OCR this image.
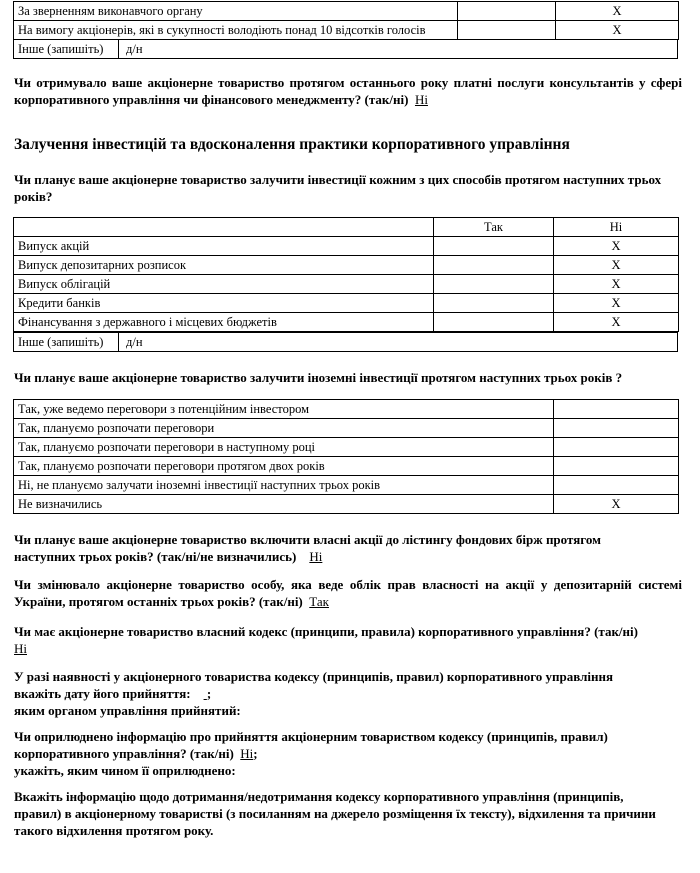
За зверненням виконавчого органу		X
На вимогу акціонерів, які в сукупності володіють понад 10 відсотків голосів		X
Інше (запишіть) д/н
Чи отримувало ваше акціонерне товариство протягом останнього року платні послуги консультантів у сфері корпоративного управління чи фінансового менеджменту? (так/ні) Ні
Залучення інвестицій та вдосконалення практики корпоративного управління
Чи планує ваше акціонерне товариство залучити інвестиції кожним з цих способів протягом наступних трьох років?
	Так	Ні
Випуск акцій		X
Випуск депозитарних розписок		X
Випуск облігацій		X
Кредити банків		X
Фінансування з державного і місцевих бюджетів		X
Інше (запишіть) д/н
Чи планує ваше акціонерне товариство залучити іноземні інвестиції протягом наступних трьох років ?
Так, уже ведемо переговори з потенційним інвестором	
Так, плануємо розпочати переговори	
Так, плануємо розпочати переговори в наступному році	
Так, плануємо розпочати переговори протягом двох років	
Ні, не плануємо залучати іноземні інвестиції наступних трьох років	
Не визначились	X
Чи планує ваше акціонерне товариство включити власні акції до лістингу фондових бірж протягом наступних трьох років? (так/ні/не визначились) Ні
Чи змінювало акціонерне товариство особу, яка веде облік прав власності на акції у депозитарній системі України, протягом останніх трьох років? (так/ні) Так
Чи має акціонерне товариство власний кодекс (принципи, правила) корпоративного управління? (так/ні)
Ні
У разі наявності у акціонерного товариства кодексу (принципів, правил) корпоративного управління
вкажіть дату його прийняття: ;
яким органом управління прийнятий:
Чи оприлюднено інформацію про прийняття акціонерним товариством кодексу (принципів, правил)
корпоративного управління? (так/ні) Ні;
укажіть, яким чином її оприлюднено:
Вкажіть інформацію щодо дотримання/недотримання кодексу корпоративного управління (принципів, правил) в акціонерному товаристві (з посиланням на джерело розміщення їх тексту), відхилення та причини такого відхилення протягом року.
